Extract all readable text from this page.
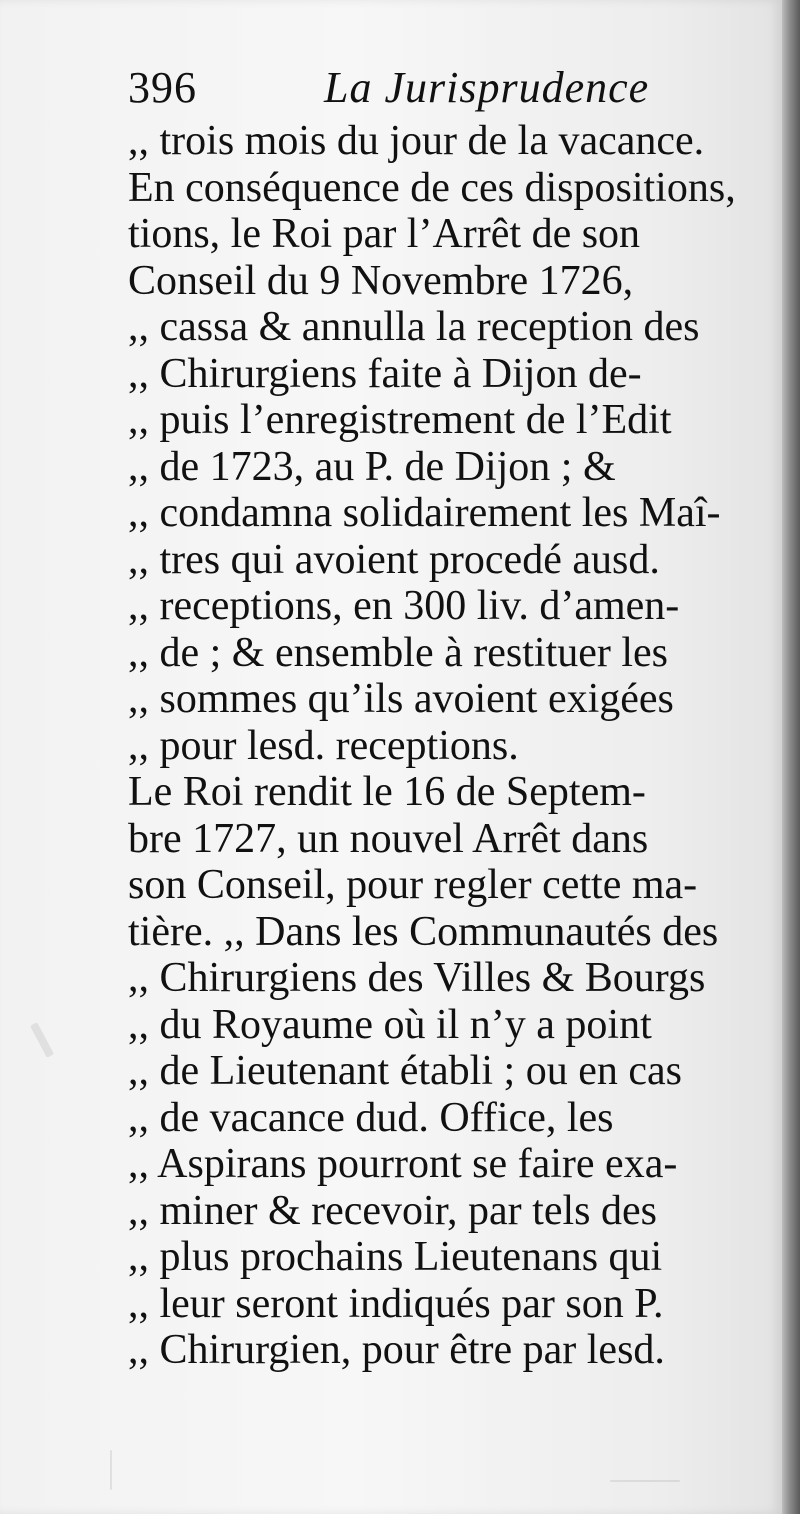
396	La Jurisprudence
,, trois mois du jour de la vacance.
En conséquence de ces dispositions,
tions, le Roi par l’Arrêt de son
Conseil du 9 Novembre 1726,
,, cassa & annulla la reception des
,, Chirurgiens faite à Dijon de-
,, puis l’enregistrement de l’Edit
,, de 1723, au P. de Dijon ; &
,, condamna solidairement les Maî-
,, tres qui avoient procedé ausd.
,, receptions, en 300 liv. d’amen-
,, de ; & ensemble à restituer les
,, sommes qu’ils avoient exigées
,, pour lesd. receptions.
Le Roi rendit le 16 de Septem-
bre 1727, un nouvel Arrêt dans
son Conseil, pour regler cette ma-
tière. ,, Dans les Communautés des
,, Chirurgiens des Villes & Bourgs
,, du Royaume où il n’y a point
,, de Lieutenant établi ; ou en cas
,, de vacance dud. Office, les
,, Aspirans pourront se faire exa-
,, miner & recevoir, par tels des
,, plus prochains Lieutenans qui
,, leur seront indiqués par son P.
,, Chirurgien, pour être par lesd.
